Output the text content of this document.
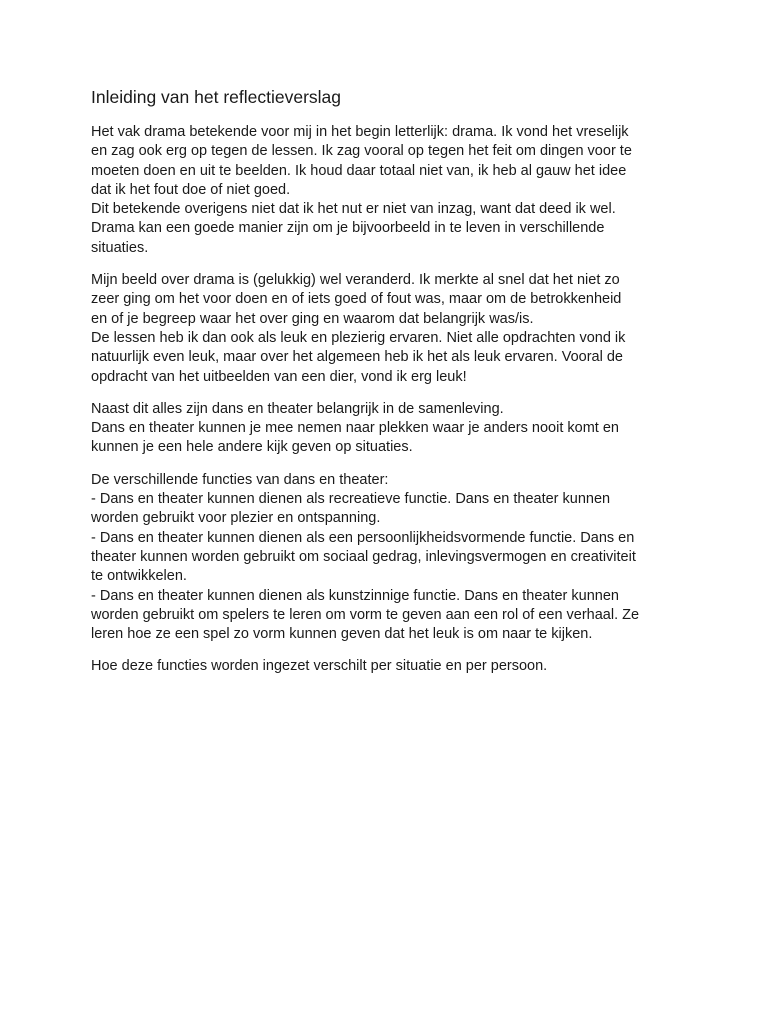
Inleiding van het reflectieverslag
Het vak drama betekende voor mij in het begin letterlijk: drama. Ik vond het vreselijk
en zag ook erg op tegen de lessen. Ik zag vooral op tegen het feit om dingen voor te
moeten doen en uit te beelden. Ik houd daar totaal niet van, ik heb al gauw het idee
dat ik het fout doe of niet goed.
Dit betekende overigens niet dat ik het nut er niet van inzag, want dat deed ik wel.
Drama kan een goede manier zijn om je bijvoorbeeld in te leven in verschillende
situaties.
Mijn beeld over drama is (gelukkig) wel veranderd. Ik merkte al snel dat het niet zo
zeer ging om het voor doen en of iets goed of fout was, maar om de betrokkenheid
en of je begreep waar het over ging en waarom dat belangrijk was/is.
De lessen heb ik dan ook als leuk en plezierig ervaren. Niet alle opdrachten vond ik
natuurlijk even leuk, maar over het algemeen heb ik het als leuk ervaren. Vooral de
opdracht van het uitbeelden van een dier, vond ik erg leuk!
Naast dit alles zijn dans en theater belangrijk in de samenleving.
Dans en theater kunnen je mee nemen naar plekken waar je anders nooit komt en
kunnen je een hele andere kijk geven op situaties.
De verschillende functies van dans en theater:
- Dans en theater kunnen dienen als recreatieve functie. Dans en theater kunnen
worden gebruikt voor plezier en ontspanning.
- Dans en theater kunnen dienen als een persoonlijkheidsvormende functie. Dans en
theater kunnen worden gebruikt om sociaal gedrag, inlevingsvermogen en creativiteit
te ontwikkelen.
- Dans en theater kunnen dienen als kunstzinnige functie. Dans en theater kunnen
worden gebruikt om spelers te leren om vorm te geven aan een rol of een verhaal. Ze
leren hoe ze een spel zo vorm kunnen geven dat het leuk is om naar te kijken.
Hoe deze functies worden ingezet verschilt per situatie en per persoon.
